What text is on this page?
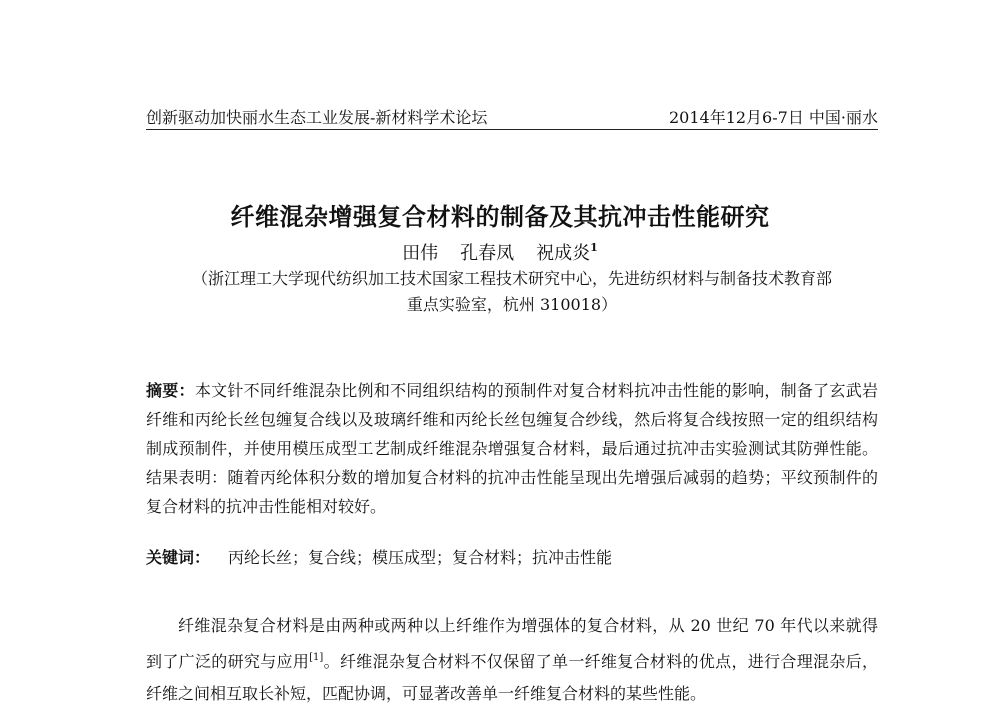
创新驱动加快丽水生态工业发展-新材料学术论坛	2014年12月6-7日 中国·丽水
纤维混杂增强复合材料的制备及其抗冲击性能研究
田伟 孔春凤 祝成炎$^1$
（浙江理工大学现代纺织加工技术国家工程技术研究中心，先进纺织材料与制备技术教育部
重点实验室，杭州 310018）
摘要：本文针不同纤维混杂比例和不同组织结构的预制件对复合材料抗冲击性能的影响，制备了玄武岩纤维和丙纶长丝包缠复合线以及玻璃纤维和丙纶长丝包缠复合纱线，然后将复合线按照一定的组织结构制成预制件，并使用模压成型工艺制成纤维混杂增强复合材料，最后通过抗冲击实验测试其防弹性能。结果表明：随着丙纶体积分数的增加复合材料的抗冲击性能呈现出先增强后减弱的趋势；平纹预制件的复合材料的抗冲击性能相对较好。
关键词： 丙纶长丝；复合线；模压成型；复合材料；抗冲击性能
纤维混杂复合材料是由两种或两种以上纤维作为增强体的复合材料，从 20 世纪 70 年代以来就得到了广泛的研究与应用[1]。纤维混杂复合材料不仅保留了单一纤维复合材料的优点，进行合理混杂后，纤维之间相互取长补短，匹配协调，可显著改善单一纤维复合材料的某些性能。
